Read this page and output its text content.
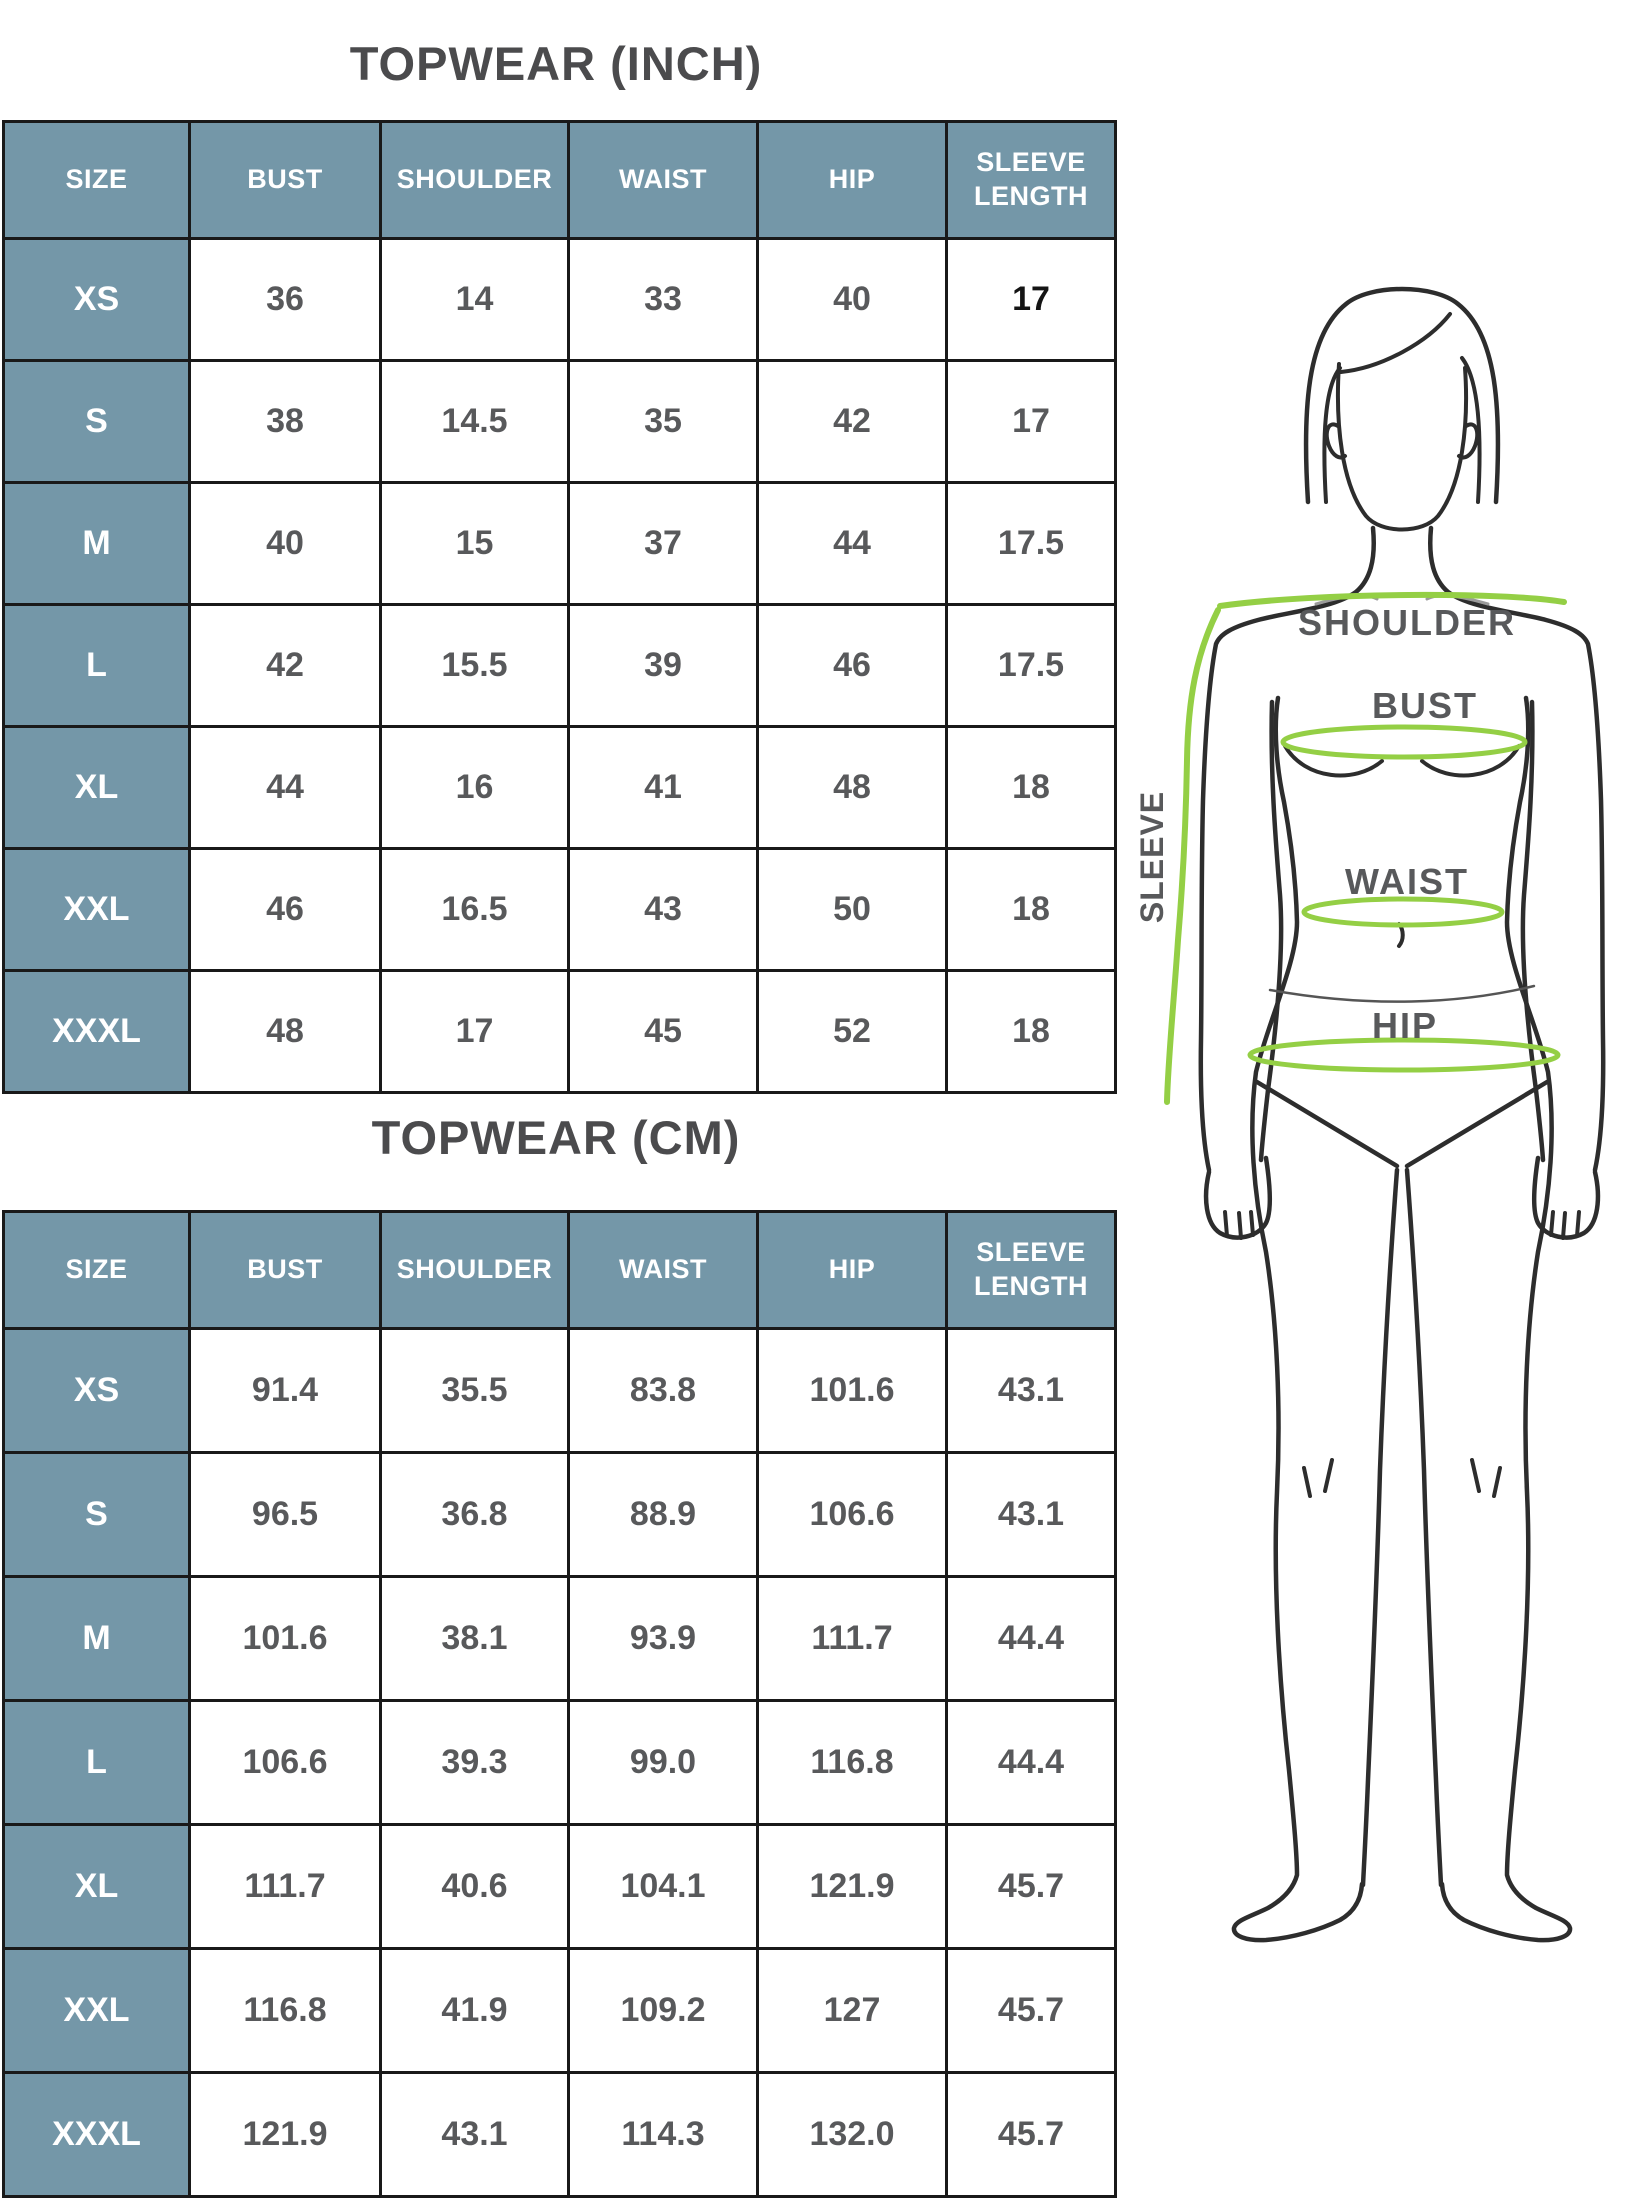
TOPWEAR (INCH)
SIZE	BUST	SHOULDER	WAIST	HIP	SLEEVE LENGTH
XS	36	14	33	40	17
S	38	14.5	35	42	17
M	40	15	37	44	17.5
L	42	15.5	39	46	17.5
XL	44	16	41	48	18
XXL	46	16.5	43	50	18
XXXL	48	17	45	52	18
TOPWEAR (CM)
SIZE	BUST	SHOULDER	WAIST	HIP	SLEEVE LENGTH
XS	91.4	35.5	83.8	101.6	43.1
S	96.5	36.8	88.9	106.6	43.1
M	101.6	38.1	93.9	111.7	44.4
L	106.6	39.3	99.0	116.8	44.4
XL	111.7	40.6	104.1	121.9	45.7
XXL	116.8	41.9	109.2	127	45.7
XXXL	121.9	43.1	114.3	132.0	45.7
SHOULDER
BUST
WAIST
HIP
SLEEVE
